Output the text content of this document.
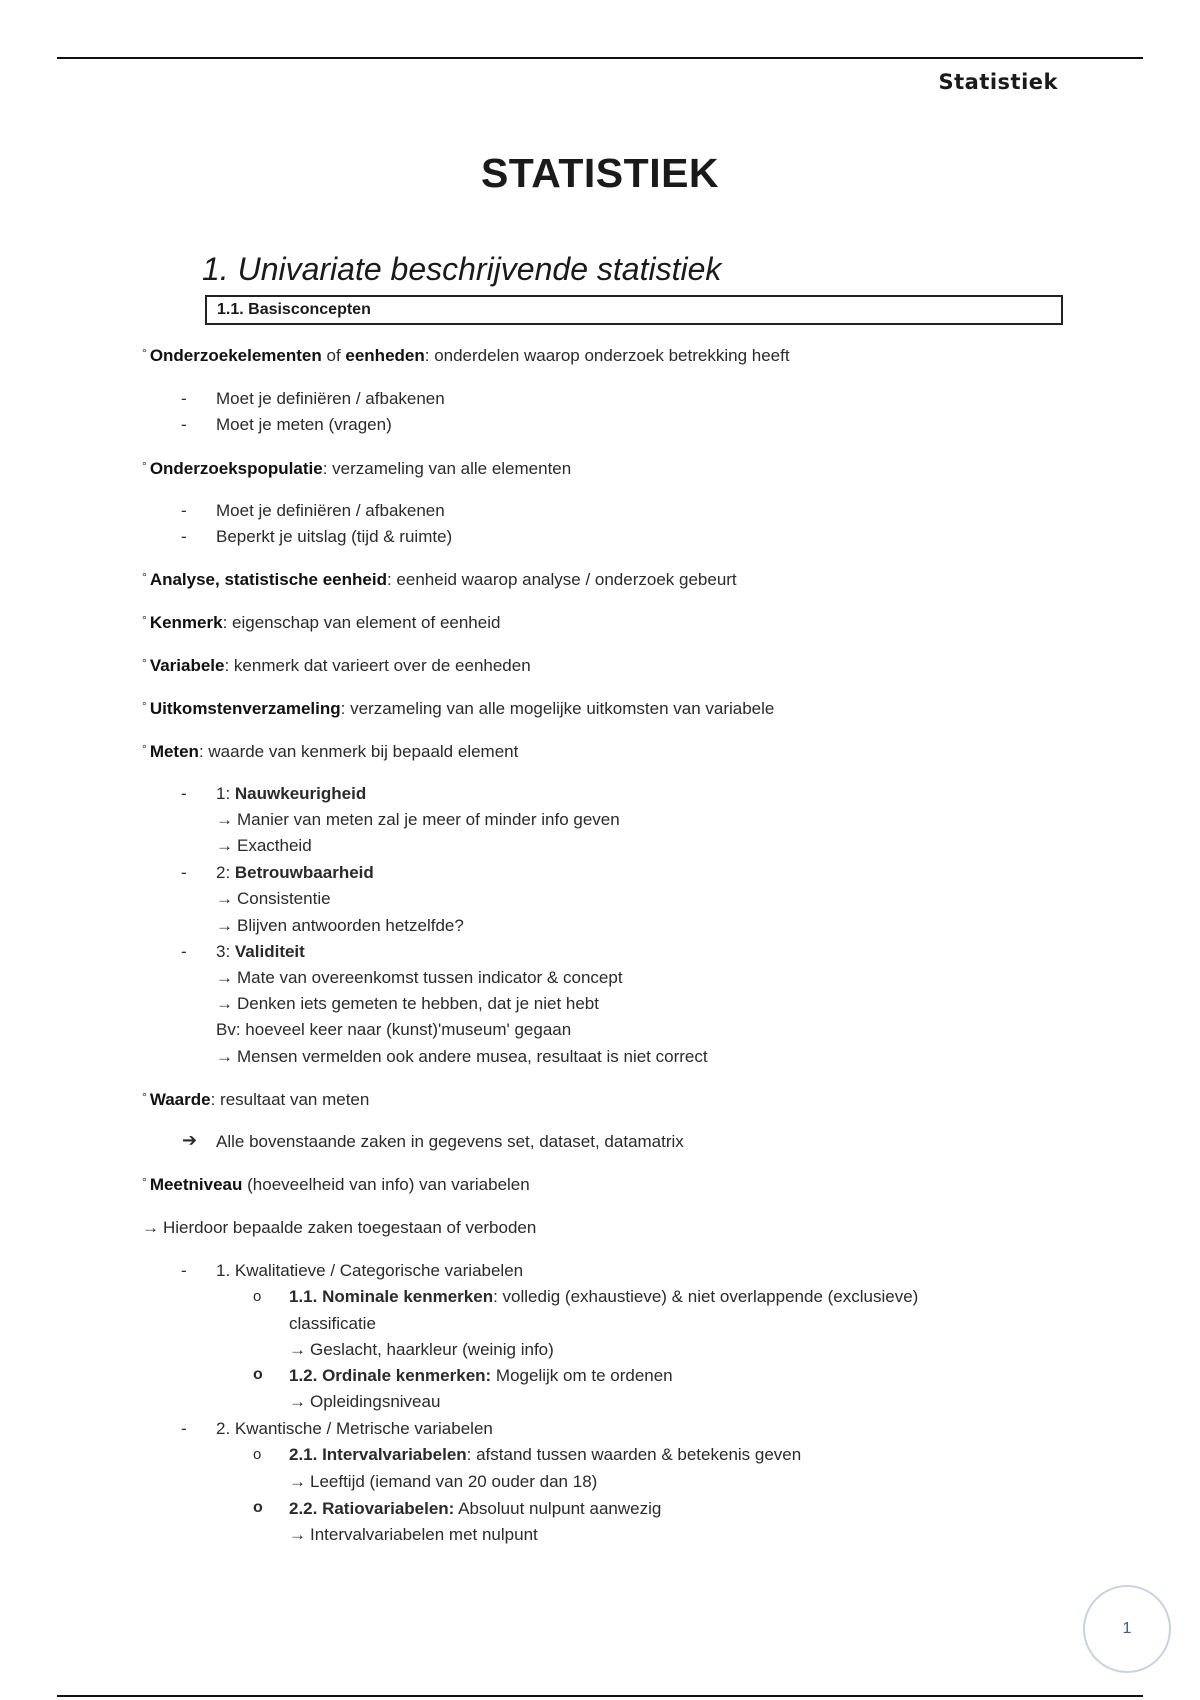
Statistiek
STATISTIEK
1. Univariate beschrijvende statistiek
1.1. Basisconcepten
° Onderzoekelementen of eenheden: onderdelen waarop onderzoek betrekking heeft
- Moet je definiëren / afbakenen
- Moet je meten (vragen)
° Onderzoekspopulatie: verzameling van alle elementen
- Moet je definiëren / afbakenen
- Beperkt je uitslag (tijd & ruimte)
° Analyse, statistische eenheid: eenheid waarop analyse / onderzoek gebeurt
° Kenmerk: eigenschap van element of eenheid
° Variabele: kenmerk dat varieert over de eenheden
° Uitkomstenverzameling: verzameling van alle mogelijke uitkomsten van variabele
° Meten: waarde van kenmerk bij bepaald element
- 1: Nauwkeurigheid
→ Manier van meten zal je meer of minder info geven
→ Exactheid
- 2: Betrouwbaarheid
→ Consistentie
→ Blijven antwoorden hetzelfde?
- 3: Validiteit
→ Mate van overeenkomst tussen indicator & concept
→ Denken iets gemeten te hebben, dat je niet hebt
Bv: hoeveel keer naar (kunst)'museum' gegaan
→ Mensen vermelden ook andere musea, resultaat is niet correct
° Waarde: resultaat van meten
➔ Alle bovenstaande zaken in gegevens set, dataset, datamatrix
° Meetniveau (hoeveelheid van info) van variabelen
→ Hierdoor bepaalde zaken toegestaan of verboden
- 1. Kwalitatieve / Categorische variabelen
o 1.1. Nominale kenmerken: volledig (exhaustieve) & niet overlappende (exclusieve)
classificatie
→ Geslacht, haarkleur (weinig info)
o 1.2. Ordinale kenmerken: Mogelijk om te ordenen
→ Opleidingsniveau
- 2. Kwantische / Metrische variabelen
o 2.1. Intervalvariabelen: afstand tussen waarden & betekenis geven
→ Leeftijd (iemand van 20 ouder dan 18)
o 2.2. Ratiovariabelen: Absoluut nulpunt aanwezig
→ Intervalvariabelen met nulpunt
1
